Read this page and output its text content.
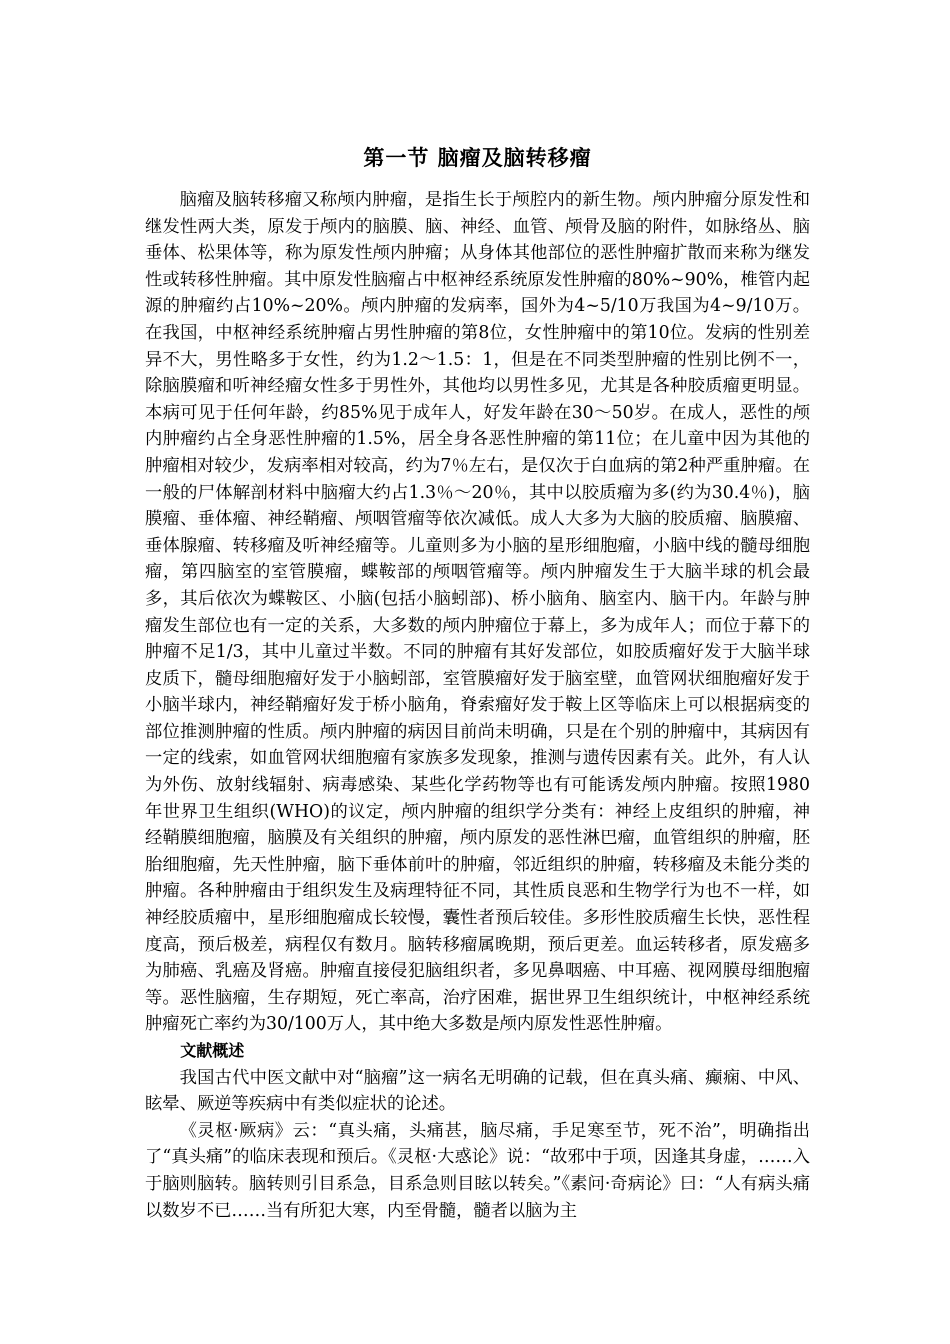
第一节 脑瘤及脑转移瘤

脑瘤及脑转移瘤又称颅内肿瘤，是指生长于颅腔内的新生物。颅内肿瘤分原发性和继发性两大类，原发于颅内的脑膜、脑、神经、血管、颅骨及脑的附件，如脉络丛、脑垂体、松果体等，称为原发性颅内肿瘤；从身体其他部位的恶性肿瘤扩散而来称为继发性或转移性肿瘤。其中原发性脑瘤占中枢神经系统原发性肿瘤的80%~90%，椎管内起源的肿瘤约占10%~20%。颅内肿瘤的发病率，国外为4~5/10万我国为4~9/10万。在我国，中枢神经系统肿瘤占男性肿瘤的第8位，女性肿瘤中的第10位。发病的性别差异不大，男性略多于女性，约为1.2～1.5：1，但是在不同类型肿瘤的性别比例不一，除脑膜瘤和听神经瘤女性多于男性外，其他均以男性多见，尤其是各种胶质瘤更明显。本病可见于任何年龄，约85%见于成年人，好发年龄在30～50岁。在成人，恶性的颅内肿瘤约占全身恶性肿瘤的1.5%，居全身各恶性肿瘤的第11位；在儿童中因为其他的肿瘤相对较少，发病率相对较高，约为7％左右，是仅次于白血病的第2种严重肿瘤。在一般的尸体解剖材料中脑瘤大约占1.3％～20％，其中以胶质瘤为多(约为30.4％)，脑膜瘤、垂体瘤、神经鞘瘤、颅咽管瘤等依次减低。成人大多为大脑的胶质瘤、脑膜瘤、垂体腺瘤、转移瘤及听神经瘤等。儿童则多为小脑的星形细胞瘤，小脑中线的髓母细胞瘤，第四脑室的室管膜瘤，蝶鞍部的颅咽管瘤等。颅内肿瘤发生于大脑半球的机会最多，其后依次为蝶鞍区、小脑(包括小脑蚓部)、桥小脑角、脑室内、脑干内。年龄与肿瘤发生部位也有一定的关系，大多数的颅内肿瘤位于幕上，多为成年人；而位于幕下的肿瘤不足1/3，其中儿童过半数。不同的肿瘤有其好发部位，如胶质瘤好发于大脑半球皮质下，髓母细胞瘤好发于小脑蚓部，室管膜瘤好发于脑室壁，血管网状细胞瘤好发于小脑半球内，神经鞘瘤好发于桥小脑角，脊索瘤好发于鞍上区等临床上可以根据病变的部位推测肿瘤的性质。颅内肿瘤的病因目前尚未明确，只是在个别的肿瘤中，其病因有一定的线索，如血管网状细胞瘤有家族多发现象，推测与遗传因素有关。此外，有人认为外伤、放射线辐射、病毒感染、某些化学药物等也有可能诱发颅内肿瘤。按照1980年世界卫生组织(WHO)的议定，颅内肿瘤的组织学分类有：神经上皮组织的肿瘤，神经鞘膜细胞瘤，脑膜及有关组织的肿瘤，颅内原发的恶性淋巴瘤，血管组织的肿瘤，胚胎细胞瘤，先天性肿瘤，脑下垂体前叶的肿瘤，邻近组织的肿瘤，转移瘤及未能分类的肿瘤。各种肿瘤由于组织发生及病理特征不同，其性质良恶和生物学行为也不一样，如神经胶质瘤中，星形细胞瘤成长较慢，囊性者预后较佳。多形性胶质瘤生长快，恶性程度高，预后极差，病程仅有数月。脑转移瘤属晚期，预后更差。血运转移者，原发癌多为肺癌、乳癌及肾癌。肿瘤直接侵犯脑组织者，多见鼻咽癌、中耳癌、视网膜母细胞瘤等。恶性脑瘤，生存期短，死亡率高，治疗困难，据世界卫生组织统计，中枢神经系统肿瘤死亡率约为30/100万人，其中绝大多数是颅内原发性恶性肿瘤。

文献概述

我国古代中医文献中对“脑瘤”这一病名无明确的记载，但在真头痛、癫痫、中风、眩晕、厥逆等疾病中有类似症状的论述。

《灵枢·厥病》云：“真头痛，头痛甚，脑尽痛，手足寒至节，死不治”，明确指出了“真头痛”的临床表现和预后。《灵枢·大惑论》说：“故邪中于项，因逢其身虚，……入于脑则脑转。脑转则引目系急，目系急则目眩以转矣。”《素问·奇病论》曰：“人有病头痛以数岁不已……当有所犯大寒，内至骨髓，髓者以脑为主
